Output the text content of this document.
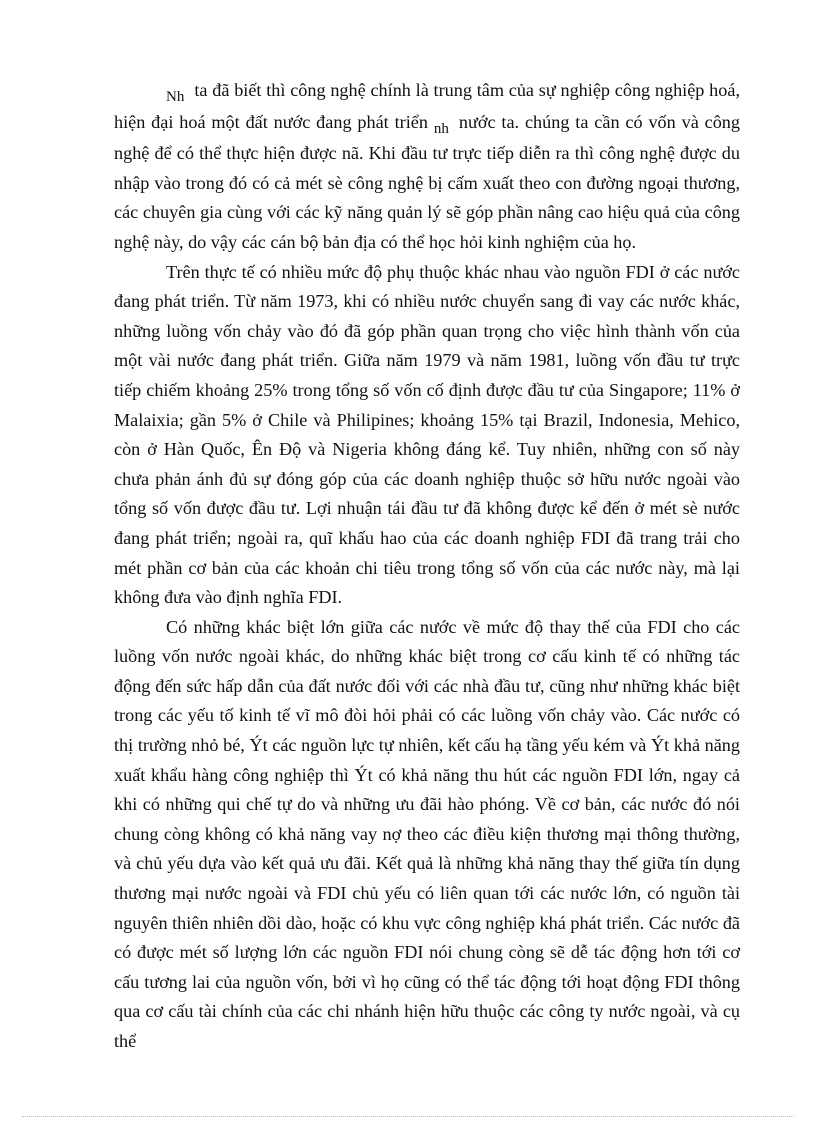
$_{Nh}$ ta đã biết thì công nghệ chính là trung tâm của sự nghiệp công nghiệp hoá, hiện đại hoá một đất nước đang phát triển $_{nh}$ nước ta. chúng ta cần có vốn và công nghệ để có thể thực hiện được nã. Khi đầu tư trực tiếp diễn ra thì công nghệ được du nhập vào trong đó có cả mét sè công nghệ bị cấm xuất theo con đường ngoại thương, các chuyên gia cùng với các kỹ năng quản lý sẽ góp phần nâng cao hiệu quả của công nghệ này, do vậy các cán bộ bản địa có thể học hỏi kinh nghiệm của họ.

Trên thực tế có nhiều mức độ phụ thuộc khác nhau vào nguồn FDI ở các nước đang phát triển. Từ năm 1973, khi có nhiều nước chuyển sang đi vay các nước khác, những luồng vốn chảy vào đó đã góp phần quan trọng cho việc hình thành vốn của một vài nước đang phát triển. Giữa năm 1979 và năm 1981, luồng vốn đầu tư trực tiếp chiếm khoảng 25% trong tổng số vốn cố định được đầu tư của Singapore; 11% ở Malaixia; gần 5% ở Chile và Philipines; khoảng 15% tại Brazil, Indonesia, Mehico, còn ở Hàn Quốc, Ên Độ và Nigeria không đáng kể. Tuy nhiên, những con số này chưa phản ánh đủ sự đóng góp của các doanh nghiệp thuộc sở hữu nước ngoài vào tổng số vốn được đầu tư. Lợi nhuận tái đầu tư đã không được kể đến ở mét sè nước đang phát triển; ngoài ra, quĩ khấu hao của các doanh nghiệp FDI đã trang trải cho mét phần cơ bản của các khoản chi tiêu trong tổng số vốn của các nước này, mà lại không đưa vào định nghĩa FDI.

Có những khác biệt lớn giữa các nước về mức độ thay thế của FDI cho các luồng vốn nước ngoài khác, do những khác biệt trong cơ cấu kinh tế có những tác động đến sức hấp dẫn của đất nước đối với các nhà đầu tư, cũng như những khác biệt trong các yếu tố kinh tế vĩ mô đòi hỏi phải có các luồng vốn chảy vào. Các nước có thị trường nhỏ bé, Ýt các nguồn lực tự nhiên, kết cấu hạ tầng yếu kém và Ýt khả năng xuất khẩu hàng công nghiệp thì Ýt có khả năng thu hút các nguồn FDI lớn, ngay cả khi có những qui chế tự do và những ưu đãi hào phóng. Về cơ bản, các nước đó nói chung còng không có khả năng vay nợ theo các điều kiện thương mại thông thường, và chủ yếu dựa vào kết quả ưu đãi. Kết quả là những khả năng thay thế giữa tín dụng thương mại nước ngoài và FDI chủ yếu có liên quan tới các nước lớn, có nguồn tài nguyên thiên nhiên dồi dào, hoặc có khu vực công nghiệp khá phát triển. Các nước đã có được mét số lượng lớn các nguồn FDI nói chung còng sẽ dễ tác động hơn tới cơ cấu tương lai của nguồn vốn, bởi vì họ cũng có thể tác động tới hoạt động FDI thông qua cơ cấu tài chính của các chi nhánh hiện hữu thuộc các công ty nước ngoài, và cụ thể
